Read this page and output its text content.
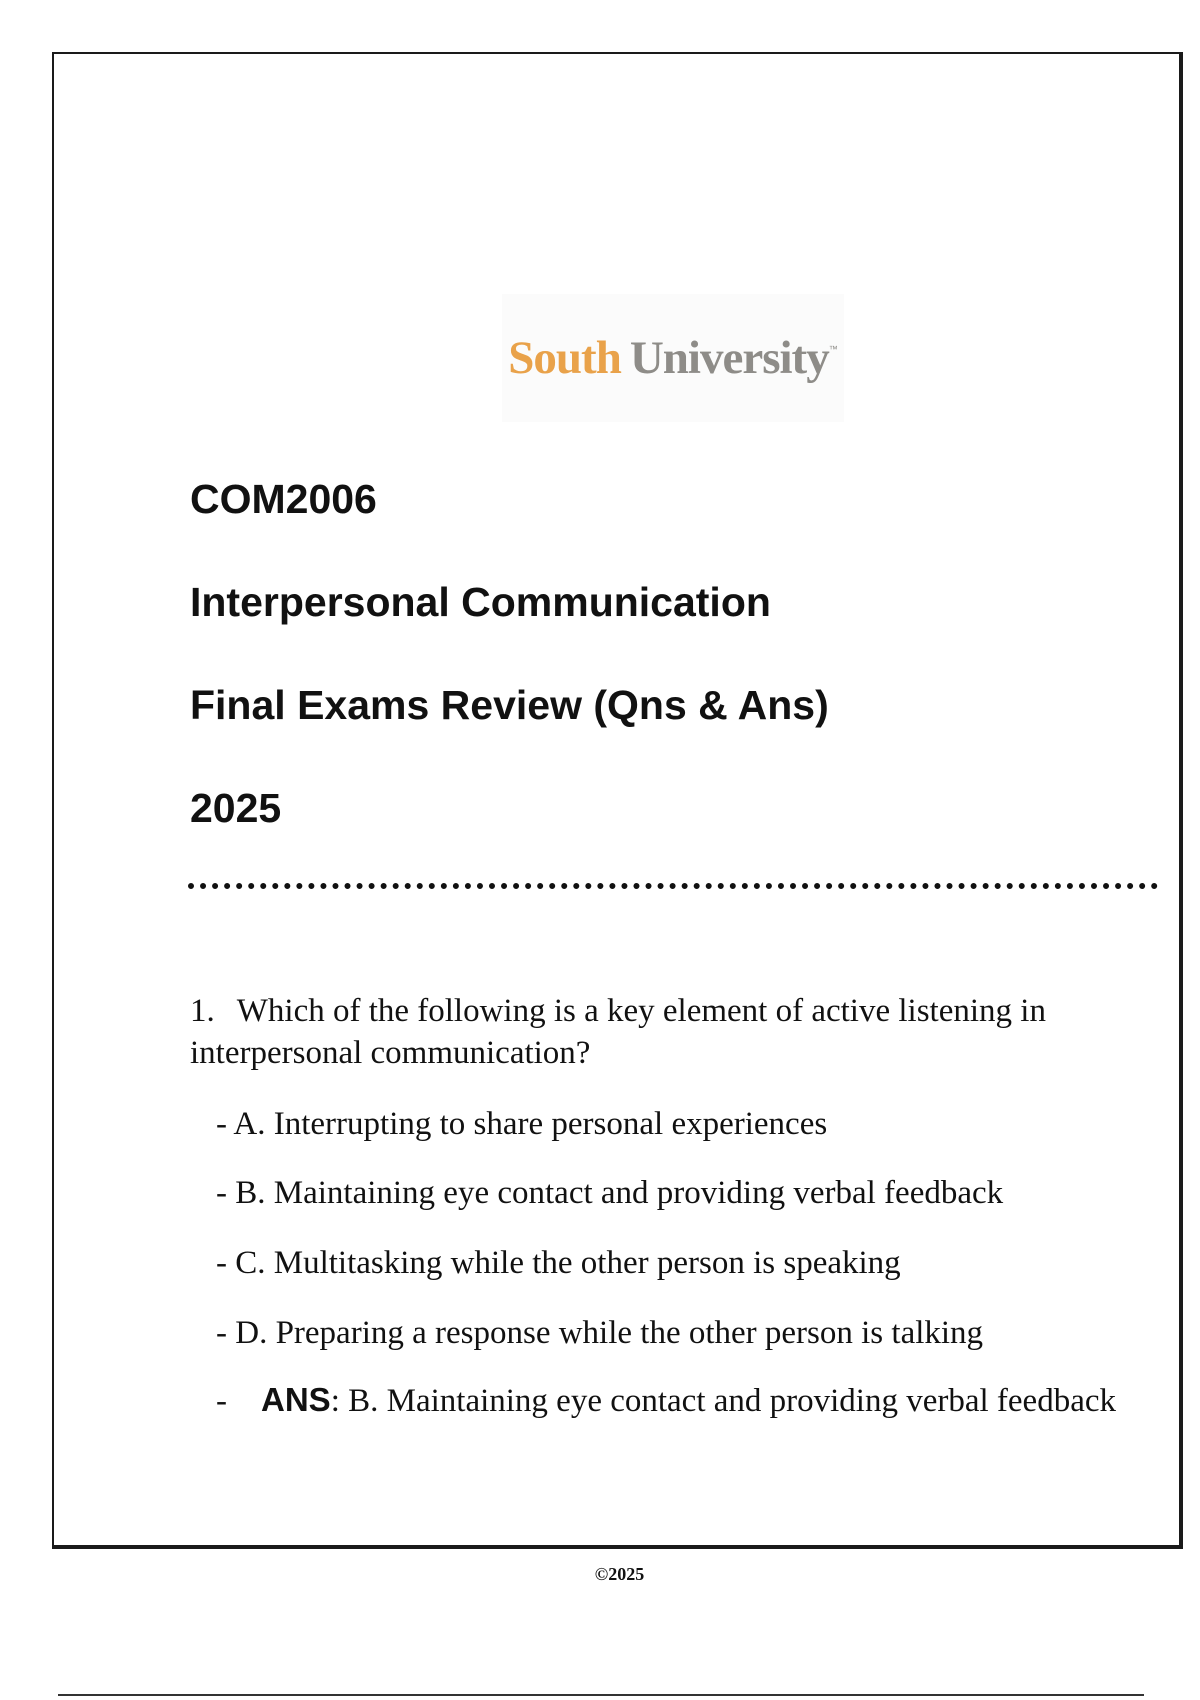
South University ™
COM2006
Interpersonal Communication
Final Exams Review (Qns & Ans)
2025
1. Which of the following is a key element of active listening in interpersonal communication?
- A. Interrupting to share personal experiences
- B. Maintaining eye contact and providing verbal feedback
- C. Multitasking while the other person is speaking
- D. Preparing a response while the other person is talking
- ANS: B. Maintaining eye contact and providing verbal feedback
©2025
